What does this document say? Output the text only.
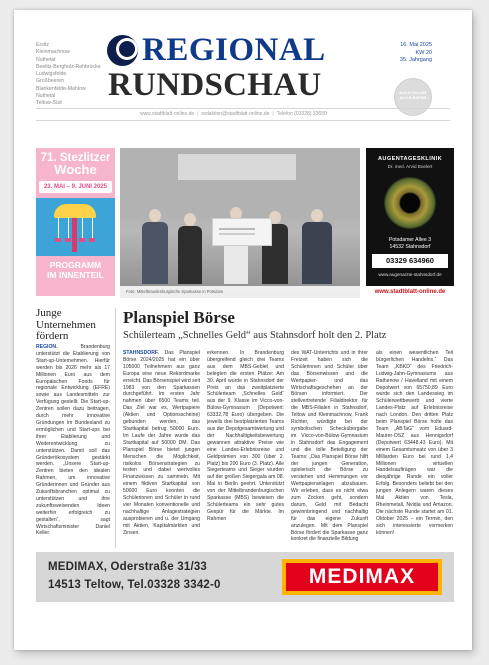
Ersitz
Kleinmachnow
Nuthetal
Beelitz-Bergholz-Rehbrücke
Ludwigsfelde
Großbeeren
Blankenfelde-Mahlow
Nuthetal
Teltow-Süd
REGIONAL
RUNDSCHAU
16. Mai 2025
KW 20
35. Jahrgang
AUCH ONLINE ALS E-PAPER
www.stadtblatt-online.de | redaktion@stadtblatt-online.de | Telefon (03328) 33650
71. Stezlitzer
Woche
23. MAI – 9. JUNI 2025
PROGRAMM
IM INNENTEIL
Foto: Mittelbrandenburgische Sparkasse in Potsdam
AUGENTAGESKLINIK
Dr. med. Arvid Boelert
Potsdamer Allee 3
14532 Stahnsdorf
03329 634960
www.augenarzte-stahnsdorf.de
www.stadtblatt-online.de
Junge Unternehmen fördern
REGION.	Brandenburg unterstützt die Etablierung von Start-up-Unternehmen. Hierfür werden bis 2026 mehr als 17 Millionen Euro aus dem Europäischen Fonds für regionale Entwicklung (EFRE) sowie aus Landesmitteln zur Verfügung gestellt. Die Start-up-Zentren sollen dazu beitragen, durch mehr innovative Gründungen im Bundesland zu ermöglichen und Start-ups bei ihrer Etablierung und Weiterentwicklung zu unterstützen. Damit soll das Gründerökosystem gestärkt werden. „Unsere Start-up-Zentren bieten den idealen Rahmen, um innovative Gründerinnen und Gründer aus Zukunftsbranchen optimal zu unterstützen und ihre zukunftsweisenden Ideen weiterhin erfolgreich zu gestalten“, sagt Wirtschaftsminister Daniel Keller.
Planspiel Börse
Schülerteam „Schnelles Geld“ aus Stahnsdorf holt den 2. Platz
STAHNSDORF. Das Planspiel Börse 2024/2025 hat ein über 105000 Teilnehmern aus ganz Europa eine neue Rekordmarke erreicht. Das Börsenspiel wird seit 1983 von den Sparkassen durchgeführt. Im ersten Jahr nahmen über 6500 Teams teil. Das Ziel war es, Wertpapiere (Aktien und Optionsscheine) gebunden werden, das Startkapital betrug 50000 Euro. Im Laufe der Jahre wurde das Startkapital auf 50000 DM. Das Planspiel Börse bietet jungen Menschen die Möglichkeit, risikolos Börsenstrategien zu testen und dabei wertvolles Finanzwissen zu sammeln. Mit einem fiktiven Startkapital von 50000 Euro konnten die Schülerinnen und Schüler in rund vier Monaten konventionelle und nachhaltige Anlagestrategien ausprobieren und u. der Umgang mit Aktien, Kapitalmärkten und Zinsen.
erkennen. In Brandenburg übergreifend gleich drei Teams aus dem MBS-Gebiet und belegten die ersten Plätze: Am 30. April wurde in Stahnsdorf der Preis an das zweitplatzierte Schülerteam „Schnelles Geld“ aus der 9. Klasse im Vicco-von-Bülow-Gymnasium (Depotwert: 63332,78 Euro) übergeben. Die jeweils drei bestplatzierten Teams aus der Depotgesamtwertung und der Nachhaltigkeitsbewertung gewannen attraktive Preise wie eine Landes-Erlebnisreise und Geldprämien von 300 (über 2. Platz) bis 200 Euro (3. Platz). Alle Siegerteams und Sieger wurden auf der großen Siegergala am 08. Mai in Berlin geehrt. Unterstützt von der Mittelbrandenburgischen Sparkasse (MBS) bewiesen die Schülerteams ein sehr gutes Gespür für die Märkte. Im Rahmen
des WAT-Unterrichts und in ihrer Freizeit haben sich die Schülerinnen und Schüler über das Börsenwissen und die Wertpapier- und das Wirtschaftsgeschehen an der Börsen informiert. Der stellvertretende Filialdirektor für die MBS-Filialen in Stahnsdorf, Teltow und Kleinmachnow, Frank Richter, würdigte bei der symbolischen Scheckübergabe im Vicco-von-Bülow-Gymnasium in Stahnsdorf das Engagement und die tolle Beteiligung der Teams: „Das Planspiel Börse hilft der jungen Generation, spielerisch die Börse zu verstehen und Hemmungen vor Wertpapieranlagen abzubauen. Wir erleben, dass es nicht etwa zum Zocken geht, sondern darum, Geld mit Bedacht gewinnbringend und nachhaltig für das eigene Zukunft anzulegen. Mit dem Planspiel Börse fördert die Sparkasse ganz konkret die finanzielle Bildung
als einen wesentlichen Teil bürgerlichen Handelns.“ Das Team „KBKD“ des Friedrich-Ludwig-Jahn-Gymnasiums aus Rathenow / Havelland mit einem Depotwert von 65750,89 Euro wurde sich den Landessieg im Schülerwettbewerb und vierte Landes-Platz auf Erlebnisreise nach London. Den dritten Platz beim Planspiel Börse holte das Team „ABTaG“ vom Eduard-Maurer-OSZ aus Hennigsdorf (Depotwert 63448,43 Euro). Mit einem Gesamtumsatz von über 3 Milliarden Euro bei rund 1,4 Millionen virtuellen Handelsaufträgen war die diesjährige Runde ein voller Erfolg. Besonders beliebt bei den jungen Anlegern waren dieses Mal Aktien von Tesla, Rheinmetall, Nvidia und Amazon. Die nächste Runde startet am 01. Oktober 2025 – ein Termin, den sich interessierte vormerken können!
MEDIMAX, Oderstraße 31/33
14513 Teltow, Tel.03328 3342-0	MEDIMAX
